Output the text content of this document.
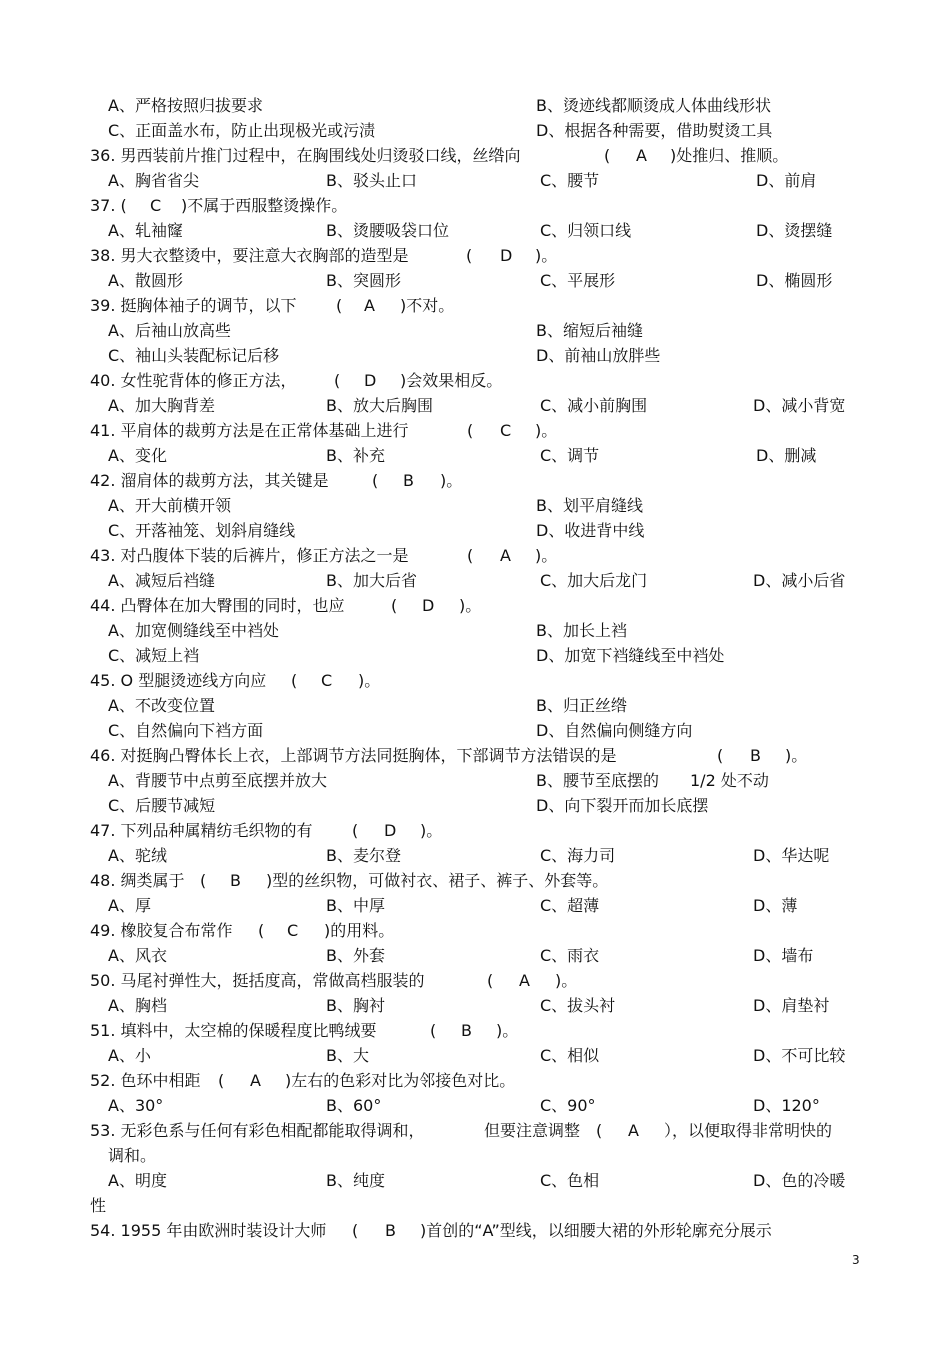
A、严格按照归拔要求	B、烫迹线都顺烫成人体曲线形状
C、正面盖水布，防止出现极光或污渍	D、根据各种需要，借助熨烫工具
36. 男西装前片推门过程中，在胸围线处归烫驳口线，丝绺向	( A )处推归、推顺。
A、胸省省尖	B、驳头止口	C、腰节	D、前肩
37. ( C )不属于西服整烫操作。
A、轧袖窿	B、烫腰吸袋口位	C、归领口线	D、烫摆缝
38. 男大衣整烫中，要注意大衣胸部的造型是	( D )。
A、散圆形	B、突圆形	C、平展形	D、椭圆形
39. 挺胸体袖子的调节，以下 ( A )不对。
A、后袖山放高些	B、缩短后袖缝
C、袖山头装配标记后移	D、前袖山放胖些
40. 女性驼背体的修正方法， ( D )会效果相反。
A、加大胸背差	B、放大后胸围	C、减小前胸围	D、减小背宽
41. 平肩体的裁剪方法是在正常体基础上进行	( C )。
A、变化	B、补充	C、调节	D、删减
42. 溜肩体的裁剪方法，其关键是	( B )。
A、开大前横开领	B、划平肩缝线
C、开落袖笼、划斜肩缝线	D、收进背中线
43. 对凸腹体下装的后裤片，修正方法之一是	( A )。
A、减短后裆缝	B、加大后省	C、加大后龙门	D、减小后省
44. 凸臀体在加大臀围的同时，也应	( D )。
A、加宽侧缝线至中裆处	B、加长上裆
C、减短上裆	D、加宽下裆缝线至中裆处
45. O 型腿烫迹线方向应 ( C )。
A、不改变位置	B、归正丝绺
C、自然偏向下裆方面	D、自然偏向侧缝方向
46. 对挺胸凸臀体长上衣，上部调节方法同挺胸体，下部调节方法错误的是	( B )。
A、背腰节中点剪至底摆并放大	B、腰节至底摆的 1/2 处不动
C、后腰节减短	D、向下裂开而加长底摆
47. 下列品种属精纺毛织物的有 ( D )。
A、驼绒	B、麦尔登	C、海力司	D、华达呢
48. 绸类属于 ( B )型的丝织物，可做衬衣、裙子、裤子、外套等。
A、厚	B、中厚	C、超薄	D、薄
49. 橡胶复合布常作 ( C )的用料。
A、风衣	B、外套	C、雨衣	D、墙布
50. 马尾衬弹性大，挺括度高，常做高档服装的	( A )。
A、胸档	B、胸衬	C、拔头衬	D、肩垫衬
51. 填料中，太空棉的保暖程度比鸭绒要	( B )。
A、小	B、大	C、相似	D、不可比较
52. 色环中相距 ( A )左右的色彩对比为邻接色对比。
A、30°	B、60°	C、90°	D、120°
53. 无彩色系与任何有彩色相配都能取得调和，	但要注意调整 ( A ），以便取得非常明快的
调和。
A、明度	B、纯度	C、色相	D、色的冷暖
性
54. 1955 年由欧洲时装设计大师 ( B )首创的“A”型线，以细腰大裙的外形轮廓充分展示
3
